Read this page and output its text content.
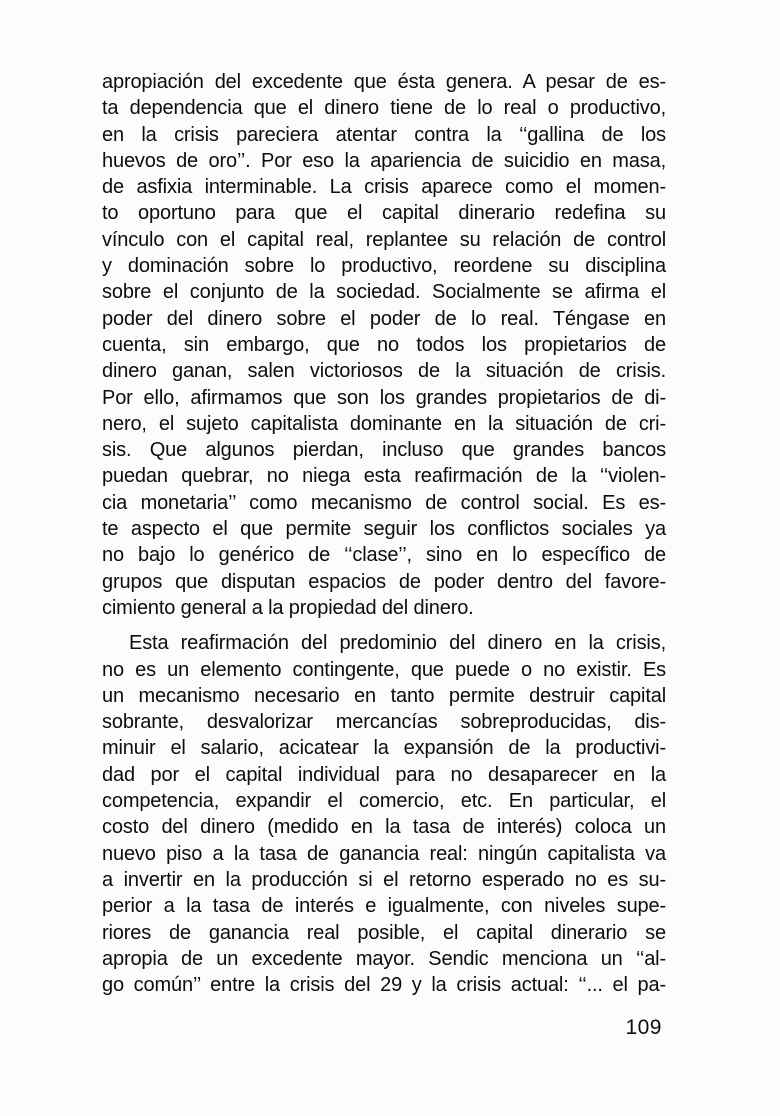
apropiación del excedente que ésta genera. A pesar de es-
ta dependencia que el dinero tiene de lo real o productivo,
en la crisis pareciera atentar contra la ‘‘gallina de los
huevos de oro’’. Por eso la apariencia de suicidio en masa,
de asfixia interminable. La crisis aparece como el momen-
to oportuno para que el capital dinerario redefina su
vínculo con el capital real, replantee su relación de control
y dominación sobre lo productivo, reordene su disciplina
sobre el conjunto de la sociedad. Socialmente se afirma el
poder del dinero sobre el poder de lo real. Téngase en
cuenta, sin embargo, que no todos los propietarios de
dinero ganan, salen victoriosos de la situación de crisis.
Por ello, afirmamos que son los grandes propietarios de di-
nero, el sujeto capitalista dominante en la situación de cri-
sis. Que algunos pierdan, incluso que grandes bancos
puedan quebrar, no niega esta reafirmación de la ‘‘violen-
cia monetaria’’ como mecanismo de control social. Es es-
te aspecto el que permite seguir los conflictos sociales ya
no bajo lo genérico de ‘‘clase’’, sino en lo específico de
grupos que disputan espacios de poder dentro del favore-
cimiento general a la propiedad del dinero.
Esta reafirmación del predominio del dinero en la crisis,
no es un elemento contingente, que puede o no existir. Es
un mecanismo necesario en tanto permite destruir capital
sobrante, desvalorizar mercancías sobreproducidas, dis-
minuir el salario, acicatear la expansión de la productivi-
dad por el capital individual para no desaparecer en la
competencia, expandir el comercio, etc. En particular, el
costo del dinero (medido en la tasa de interés) coloca un
nuevo piso a la tasa de ganancia real: ningún capitalista va
a invertir en la producción si el retorno esperado no es su-
perior a la tasa de interés e igualmente, con niveles supe-
riores de ganancia real posible, el capital dinerario se
apropia de un excedente mayor. Sendic menciona un ‘‘al-
go común’’ entre la crisis del 29 y la crisis actual: ‘‘... el pa-
109
